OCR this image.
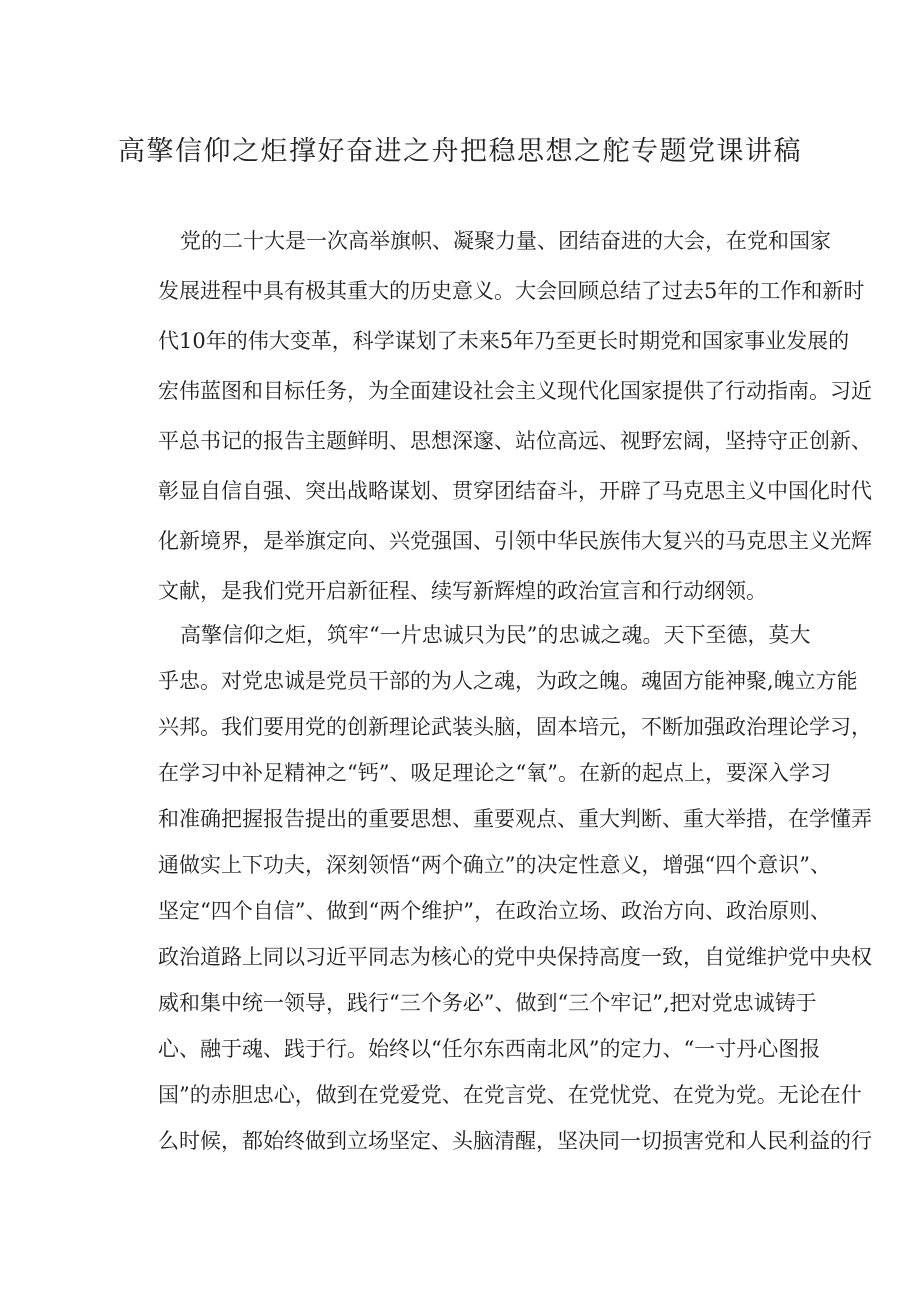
高擎信仰之炬撑好奋进之舟把稳思想之舵专题党课讲稿
党的二十大是一次高举旗帜、凝聚力量、团结奋进的大会，在党和国家
发展进程中具有极其重大的历史意义。大会回顾总结了过去5年的工作和新时
代10年的伟大变革，科学谋划了未来5年乃至更长时期党和国家事业发展的
宏伟蓝图和目标任务，为全面建设社会主义现代化国家提供了行动指南。习近
平总书记的报告主题鲜明、思想深邃、站位高远、视野宏阔，坚持守正创新、
彰显自信自强、突出战略谋划、贯穿团结奋斗，开辟了马克思主义中国化时代
化新境界，是举旗定向、兴党强国、引领中华民族伟大复兴的马克思主义光辉
文献，是我们党开启新征程、续写新辉煌的政治宣言和行动纲领。
高擎信仰之炬，筑牢“一片忠诚只为民”的忠诚之魂。天下至德，莫大
乎忠。对党忠诚是党员干部的为人之魂，为政之魄。魂固方能神聚,魄立方能
兴邦。我们要用党的创新理论武装头脑，固本培元，不断加强政治理论学习，
在学习中补足精神之“钙”、吸足理论之“氧”。在新的起点上，要深入学习
和准确把握报告提出的重要思想、重要观点、重大判断、重大举措，在学懂弄
通做实上下功夫，深刻领悟“两个确立”的决定性意义，增强“四个意识”、
坚定“四个自信”、做到“两个维护”，在政治立场、政治方向、政治原则、
政治道路上同以习近平同志为核心的党中央保持高度一致，自觉维护党中央权
威和集中统一领导，践行“三个务必”、做到“三个牢记”,把对党忠诚铸于
心、融于魂、践于行。始终以“任尔东西南北风”的定力、“一寸丹心图报
国”的赤胆忠心，做到在党爱党、在党言党、在党忧党、在党为党。无论在什
么时候，都始终做到立场坚定、头脑清醒，坚决同一切损害党和人民利益的行
